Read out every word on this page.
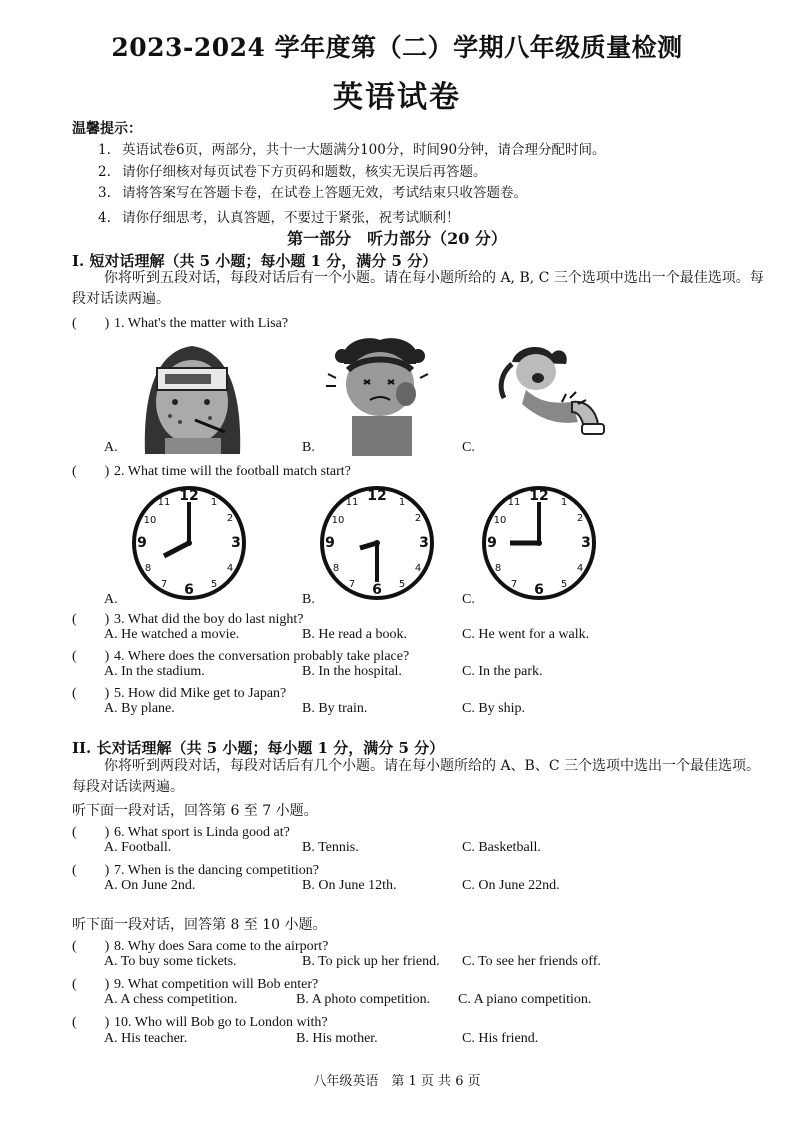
2023-2024 学年度第（二）学期八年级质量检测
英语试卷
温馨提示：
1. 英语试卷6页，两部分，共十一大题满分100分，时间90分钟，请合理分配时间。
2. 请你仔细核对每页试卷下方页码和题数，核实无误后再答题。
3. 请将答案写在答题卡卷，在试卷上答题无效，考试结束只收答题卷。
4. 请你仔细思考，认真答题，不要过于紧张，祝考试顺利！
第一部分　听力部分（20 分）
I. 短对话理解（共 5 小题；每小题 1 分，满分 5 分）
你将听到五段对话，每段对话后有一个小题。请在每小题所给的 A, B, C 三个选项中选出一个最佳选项。每段对话读两遍。
(　　) 1. What's the matter with Lisa?
A.	B.	C.
(　　) 2. What time will the football match start?
12
3
6
9
1
2
4
5
7
8
10
11
A.
12
3
6
9
1
2
4
5
7
8
10
11
B.
12
3
6
9
1
2
4
5
7
8
10
11
C.
(　　) 3. What did the boy do last night?
A. He watched a movie.	B. He read a book.	C. He went for a walk.
(　　) 4. Where does the conversation probably take place?
A. In the stadium.	B. In the hospital.	C. In the park.
(　　) 5. How did Mike get to Japan?
A. By plane.	B. By train.	C. By ship.
II. 长对话理解（共 5 小题；每小题 1 分，满分 5 分）
你将听到两段对话，每段对话后有几个小题。请在每小题所给的 A、B、C 三个选项中选出一个最佳选项。每段对话读两遍。
听下面一段对话，回答第 6 至 7 小题。
(　　) 6. What sport is Linda good at?
A. Football.	B. Tennis.	C. Basketball.
(　　) 7. When is the dancing competition?
A. On June 2nd.	B. On June 12th.	C. On June 22nd.
听下面一段对话，回答第 8 至 10 小题。
(　　) 8. Why does Sara come to the airport?
A. To buy some tickets.	B. To pick up her friend. C. To see her friends off.
(　　) 9. What competition will Bob enter?
A. A chess competition.	B. A photo competition. C. A piano competition.
(　　) 10. Who will Bob go to London with?
A. His teacher.	B. His mother.	C. His friend.
八年级英语　第 1 页 共 6 页
